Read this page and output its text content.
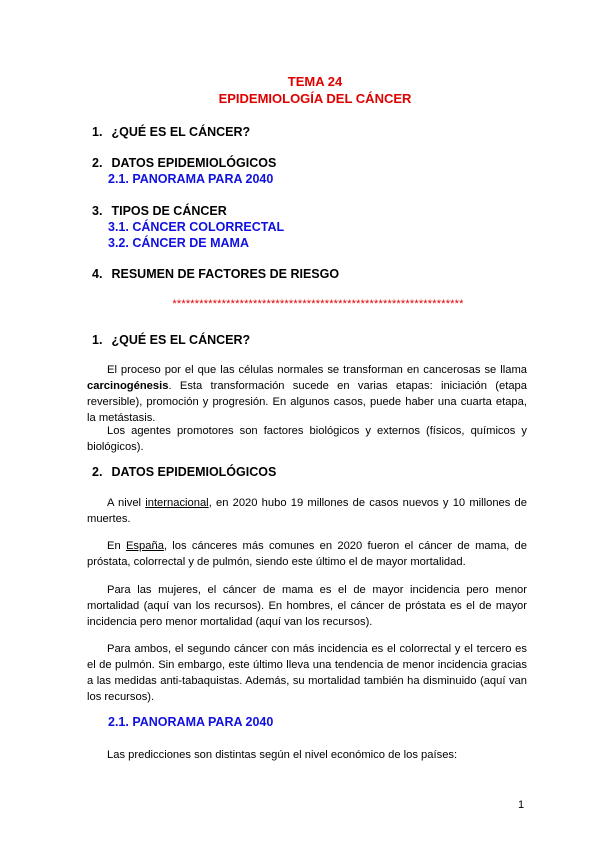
TEMA 24
EPIDEMIOLOGÍA DEL CÁNCER
1. ¿QUÉ ES EL CÁNCER?
2. DATOS EPIDEMIOLÓGICOS
2.1. PANORAMA PARA 2040
3. TIPOS DE CÁNCER
3.1. CÁNCER COLORRECTAL
3.2. CÁNCER DE MAMA
4. RESUMEN DE FACTORES DE RIESGO
*****************************************************************
1. ¿QUÉ ES EL CÁNCER?
El proceso por el que las células normales se transforman en cancerosas se llama carcinogénesis. Esta transformación sucede en varias etapas: iniciación (etapa reversible), promoción y progresión. En algunos casos, puede haber una cuarta etapa, la metástasis.
Los agentes promotores son factores biológicos y externos (físicos, químicos y biológicos).
2. DATOS EPIDEMIOLÓGICOS
A nivel internacional, en 2020 hubo 19 millones de casos nuevos y 10 millones de muertes.
En España, los cánceres más comunes en 2020 fueron el cáncer de mama, de próstata, colorrectal y de pulmón, siendo este último el de mayor mortalidad.
Para las mujeres, el cáncer de mama es el de mayor incidencia pero menor mortalidad (aquí van los recursos). En hombres, el cáncer de próstata es el de mayor incidencia pero menor mortalidad (aquí van los recursos).
Para ambos, el segundo cáncer con más incidencia es el colorrectal y el tercero es el de pulmón. Sin embargo, este último lleva una tendencia de menor incidencia gracias a las medidas anti-tabaquistas. Además, su mortalidad también ha disminuido (aquí van los recursos).
2.1. PANORAMA PARA 2040
Las predicciones son distintas según el nivel económico de los países:
1
